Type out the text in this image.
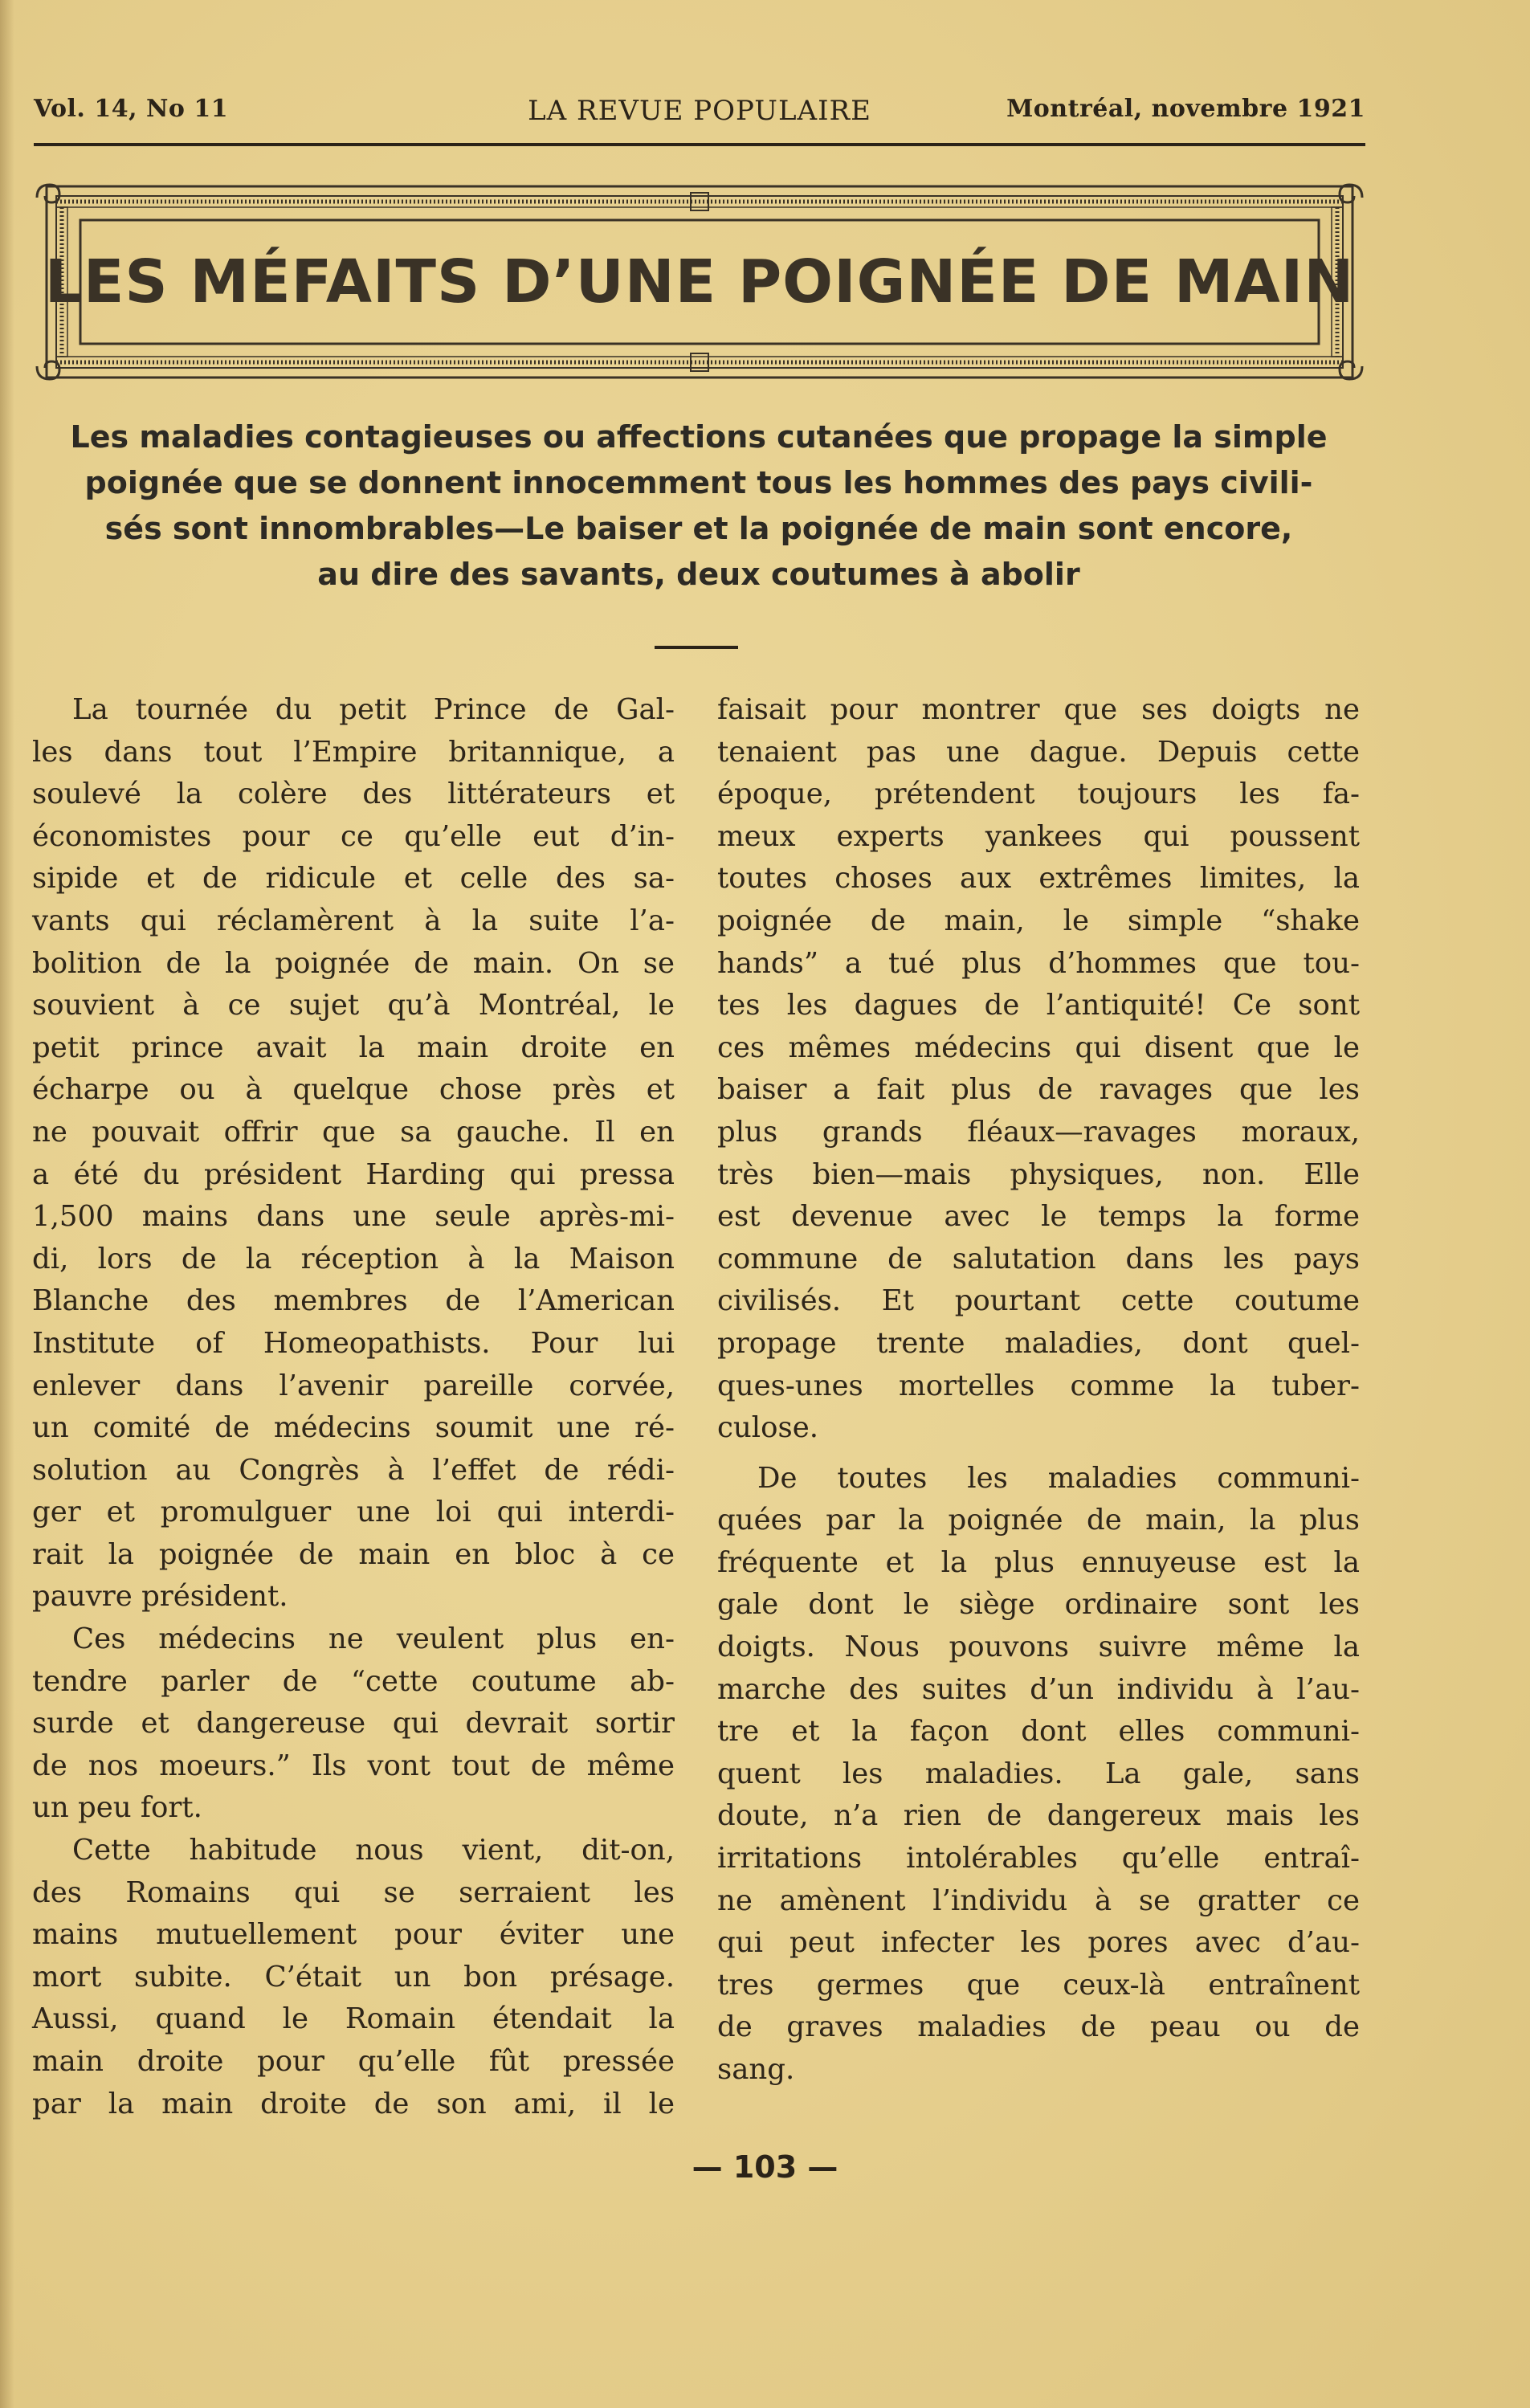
LA REVUE POPULAIRE
Vol. 14, No 11	Montréal, novembre 1921
LES MÉFAITS D’UNE POIGNÉE DE MAIN
Les maladies contagieuses ou affections cutanées que propage la simple
poignée que se donnent innocemment tous les hommes des pays civili-
sés sont innombrables—Le baiser et la poignée de main sont encore,
au dire des savants, deux coutumes à abolir
La tournée du petit Prince de Gal-
les dans tout l’Empire britannique, a
soulevé la colère des littérateurs et
économistes pour ce qu’elle eut d’in-
sipide et de ridicule et celle des sa-
vants qui réclamèrent à la suite l’a-
bolition de la poignée de main. On se
souvient à ce sujet qu’à Montréal, le
petit prince avait la main droite en
écharpe ou à quelque chose près et
ne pouvait offrir que sa gauche. Il en
a été du président Harding qui pressa
1,500 mains dans une seule après-mi-
di, lors de la réception à la Maison
Blanche des membres de l’American
Institute of Homeopathists. Pour lui
enlever dans l’avenir pareille corvée,
un comité de médecins soumit une ré-
solution au Congrès à l’effet de rédi-
ger et promulguer une loi qui interdi-
rait la poignée de main en bloc à ce
pauvre président.
Ces médecins ne veulent plus en-
tendre parler de “cette coutume ab-
surde et dangereuse qui devrait sortir
de nos moeurs.” Ils vont tout de même
un peu fort.
Cette habitude nous vient, dit-on,
des Romains qui se serraient les
mains mutuellement pour éviter une
mort subite. C’était un bon présage.
Aussi, quand le Romain étendait la
main droite pour qu’elle fût pressée
par la main droite de son ami, il le
faisait pour montrer que ses doigts ne
tenaient pas une dague. Depuis cette
époque, prétendent toujours les fa-
meux experts yankees qui poussent
toutes choses aux extrêmes limites, la
poignée de main, le simple “shake
hands” a tué plus d’hommes que tou-
tes les dagues de l’antiquité! Ce sont
ces mêmes médecins qui disent que le
baiser a fait plus de ravages que les
plus grands fléaux—ravages moraux,
très bien—mais physiques, non. Elle
est devenue avec le temps la forme
commune de salutation dans les pays
civilisés. Et pourtant cette coutume
propage trente maladies, dont quel-
ques-unes mortelles comme la tuber-
culose.
De toutes les maladies communi-
quées par la poignée de main, la plus
fréquente et la plus ennuyeuse est la
gale dont le siège ordinaire sont les
doigts. Nous pouvons suivre même la
marche des suites d’un individu à l’au-
tre et la façon dont elles communi-
quent les maladies. La gale, sans
doute, n’a rien de dangereux mais les
irritations intolérables qu’elle entraî-
ne amènent l’individu à se gratter ce
qui peut infecter les pores avec d’au-
tres germes que ceux-là entraînent
de graves maladies de peau ou de
sang.
— 103 —
